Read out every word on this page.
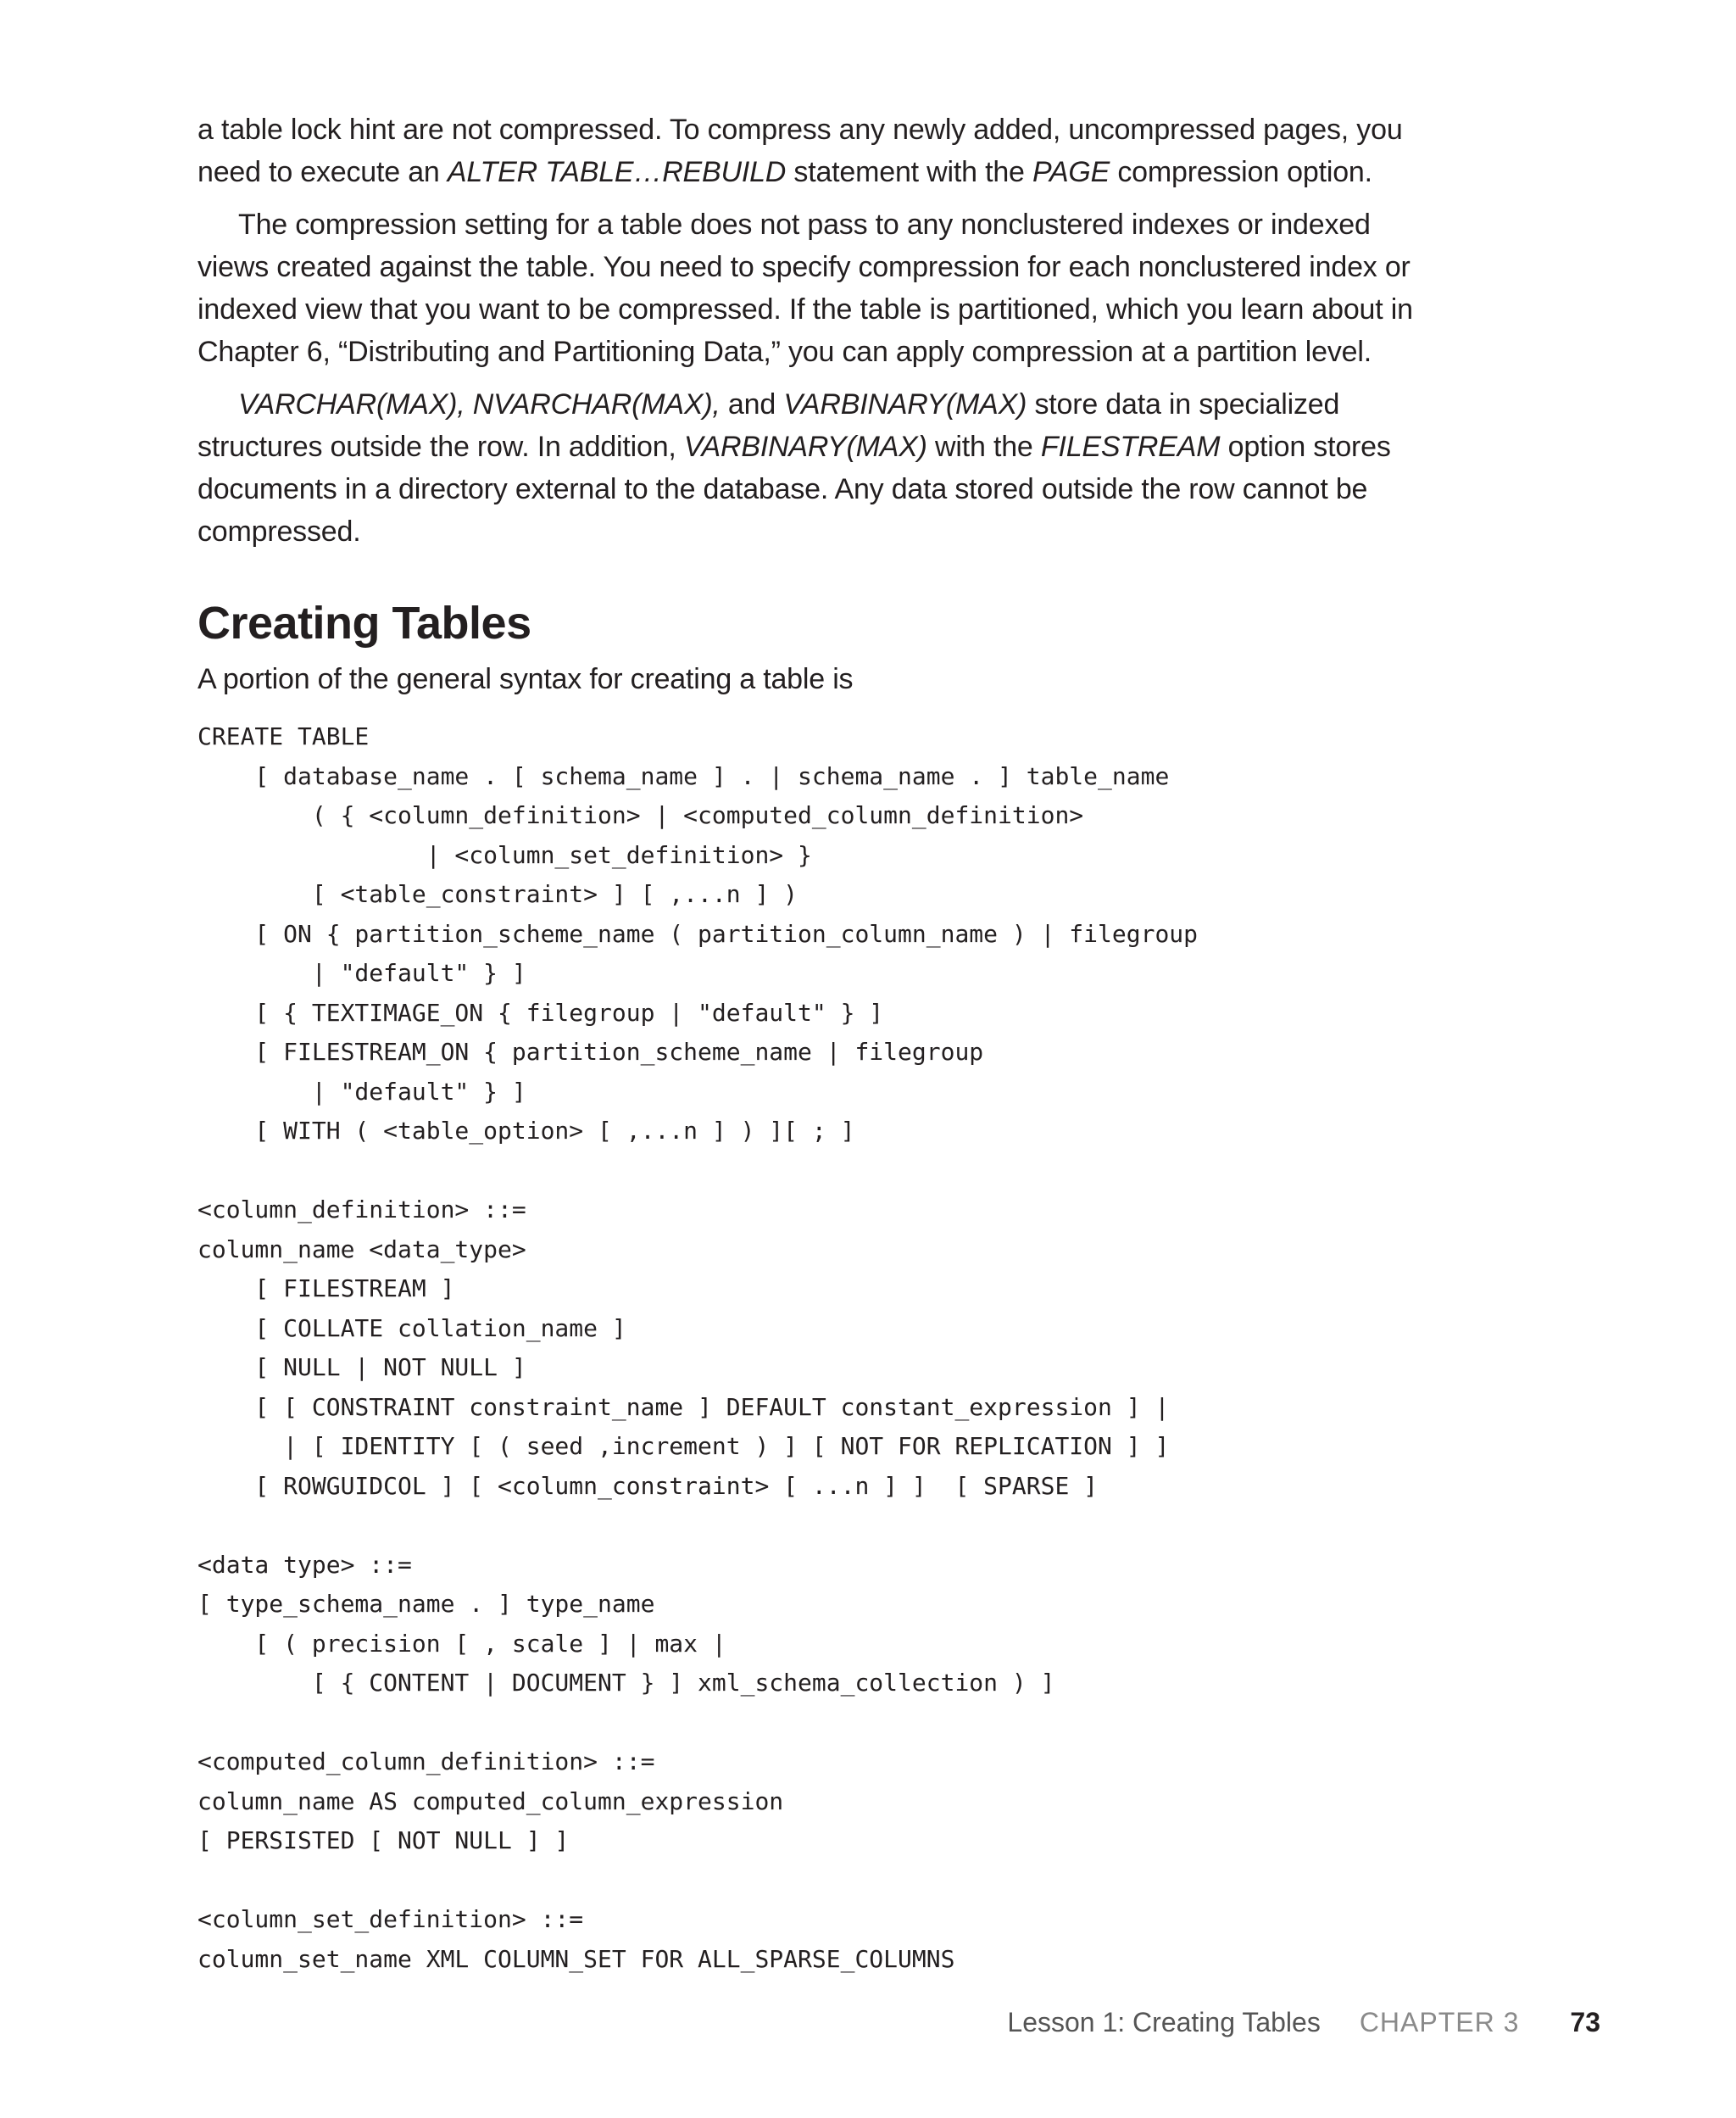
a table lock hint are not compressed. To compress any newly added, uncompressed pages, you need to execute an ALTER TABLE…REBUILD statement with the PAGE compression option.

The compression setting for a table does not pass to any nonclustered indexes or indexed views created against the table. You need to specify compression for each nonclustered index or indexed view that you want to be compressed. If the table is partitioned, which you learn about in Chapter 6, “Distributing and Partitioning Data,” you can apply compression at a partition level.

VARCHAR(MAX), NVARCHAR(MAX), and VARBINARY(MAX) store data in specialized structures outside the row. In addition, VARBINARY(MAX) with the FILESTREAM option stores documents in a directory external to the database. Any data stored outside the row cannot be compressed.

Creating Tables

A portion of the general syntax for creating a table is

CREATE TABLE
[ database_name . [ schema_name ] . | schema_name . ] table_name
( { <column_definition> | <computed_column_definition>
| <column_set_definition> }
[ <table_constraint> ] [ ,...n ] )
[ ON { partition_scheme_name ( partition_column_name ) | filegroup
| "default" } ]
[ { TEXTIMAGE_ON { filegroup | "default" } ]
[ FILESTREAM_ON { partition_scheme_name | filegroup
| "default" } ]
[ WITH ( <table_option> [ ,...n ] ) ][ ; ]

<column_definition> ::=
column_name <data_type>
[ FILESTREAM ]
[ COLLATE collation_name ]
[ NULL | NOT NULL ]
[ [ CONSTRAINT constraint_name ] DEFAULT constant_expression ] |
| [ IDENTITY [ ( seed ,increment ) ] [ NOT FOR REPLICATION ] ]
[ ROWGUIDCOL ] [ <column_constraint> [ ...n ] ]  [ SPARSE ]

<data type> ::=
[ type_schema_name . ] type_name
[ ( precision [ , scale ] | max |
[ { CONTENT | DOCUMENT } ] xml_schema_collection ) ]

<computed_column_definition> ::=
column_name AS computed_column_expression
[ PERSISTED [ NOT NULL ] ]

<column_set_definition> ::=
column_set_name XML COLUMN_SET FOR ALL_SPARSE_COLUMNS
Lesson 1: Creating Tables CHAPTER 3 73
